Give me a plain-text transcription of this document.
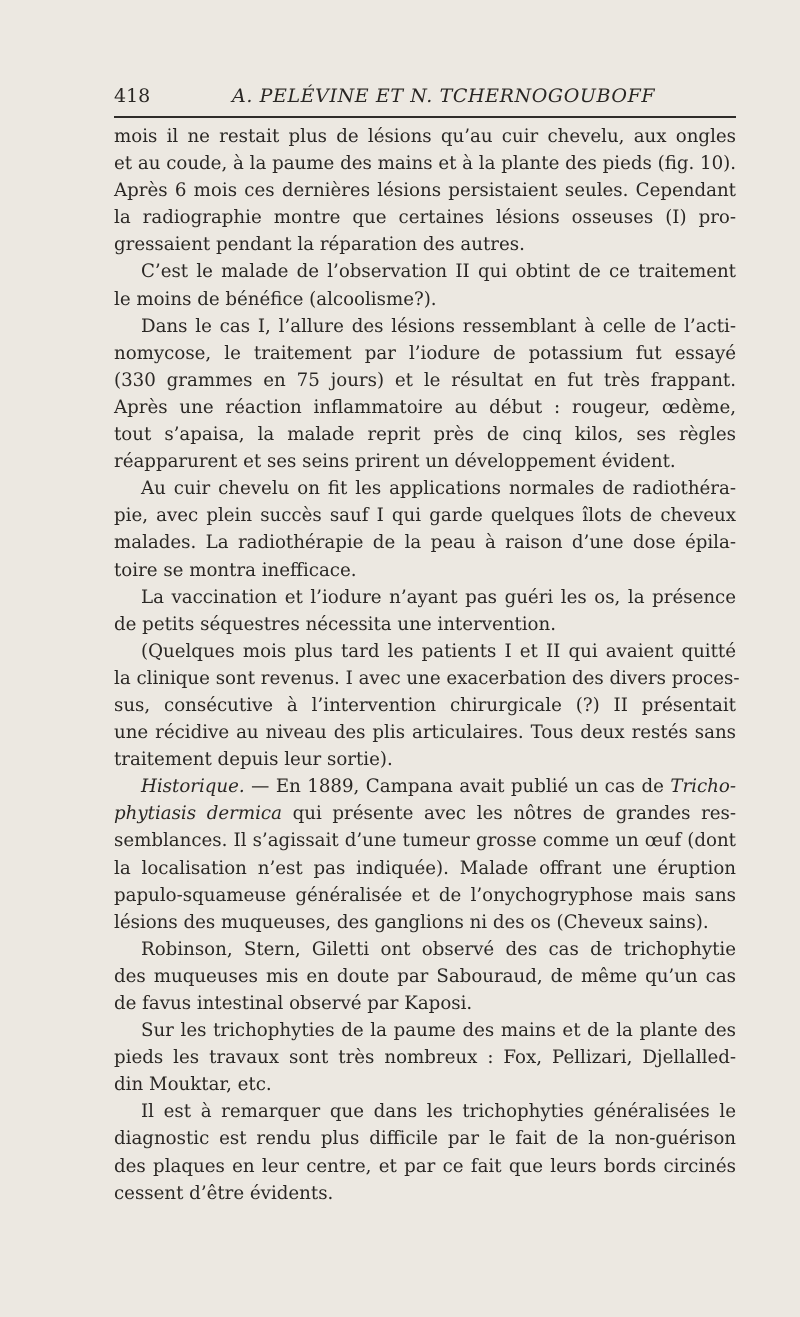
418	A. PELÉVINE ET N. TCHERNOGOUBOFF
mois il ne restait plus de lésions qu’au cuir chevelu, aux ongles
et au coude, à la paume des mains et à la plante des pieds (fig. 10).
Après 6 mois ces dernières lésions persistaient seules. Cependant
la radiographie montre que certaines lésions osseuses (I) pro-
gressaient pendant la réparation des autres.
C’est le malade de l’observation II qui obtint de ce traitement
le moins de bénéfice (alcoolisme?).
Dans le cas I, l’allure des lésions ressemblant à celle de l’acti-
nomycose, le traitement par l’iodure de potassium fut essayé
(330 grammes en 75 jours) et le résultat en fut très frappant.
Après une réaction inflammatoire au début : rougeur, œdème,
tout s’apaisa, la malade reprit près de cinq kilos, ses règles
réapparurent et ses seins prirent un développement évident.
Au cuir chevelu on fit les applications normales de radiothéra-
pie, avec plein succès sauf I qui garde quelques îlots de cheveux
malades. La radiothérapie de la peau à raison d’une dose épila-
toire se montra inefficace.
La vaccination et l’iodure n’ayant pas guéri les os, la présence
de petits séquestres nécessita une intervention.
(Quelques mois plus tard les patients I et II qui avaient quitté
la clinique sont revenus. I avec une exacerbation des divers proces-
sus, consécutive à l’intervention chirurgicale (?) II présentait
une récidive au niveau des plis articulaires. Tous deux restés sans
traitement depuis leur sortie).
Historique. — En 1889, Campana avait publié un cas de Tricho-
phytiasis dermica qui présente avec les nôtres de grandes res-
semblances. Il s’agissait d’une tumeur grosse comme un œuf (dont
la localisation n’est pas indiquée). Malade offrant une éruption
papulo-squameuse généralisée et de l’onychogryphose mais sans
lésions des muqueuses, des ganglions ni des os (Cheveux sains).
Robinson, Stern, Giletti ont observé des cas de trichophytie
des muqueuses mis en doute par Sabouraud, de même qu’un cas
de favus intestinal observé par Kaposi.
Sur les trichophyties de la paume des mains et de la plante des
pieds les travaux sont très nombreux : Fox, Pellizari, Djellalled-
din Mouktar, etc.
Il est à remarquer que dans les trichophyties généralisées le
diagnostic est rendu plus difficile par le fait de la non-guérison
des plaques en leur centre, et par ce fait que leurs bords circinés
cessent d’être évidents.
